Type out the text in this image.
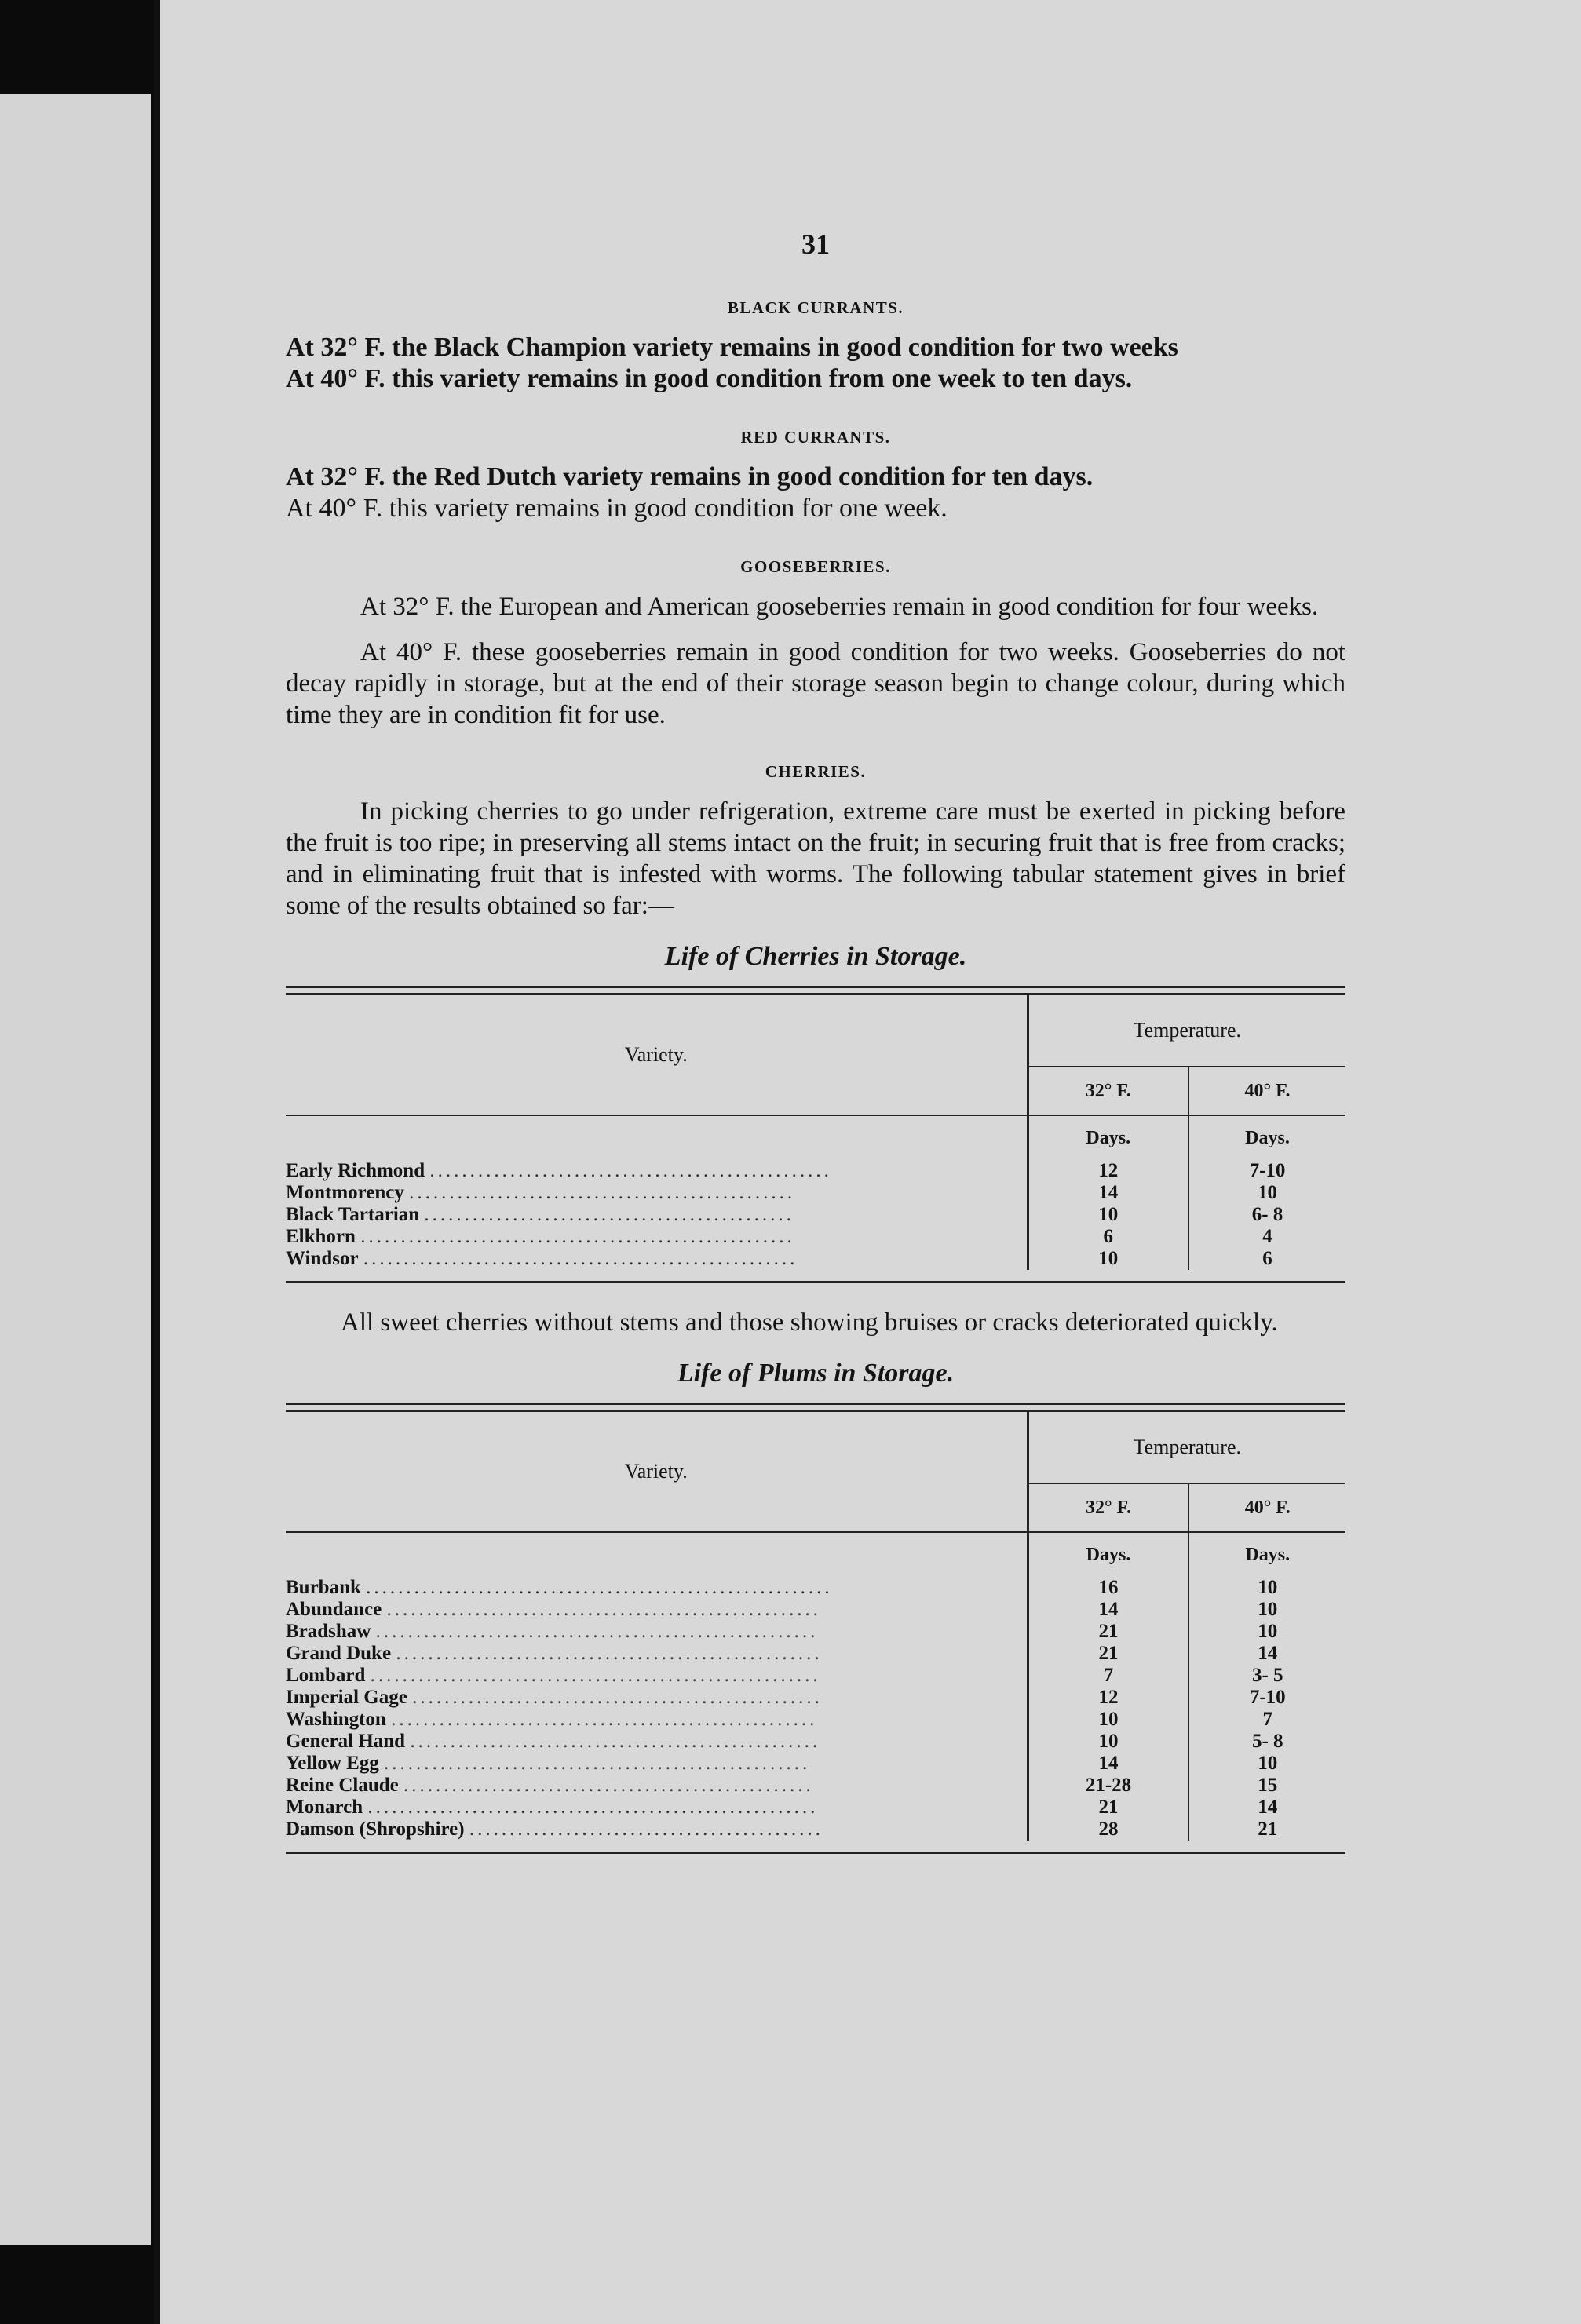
31
BLACK CURRANTS.

At 32° F. the Black Champion variety remains in good condition for two weeks

At 40° F. this variety remains in good condition from one week to ten days.

RED CURRANTS.

At 32° F. the Red Dutch variety remains in good condition for ten days.

At 40° F. this variety remains in good condition for one week.

GOOSEBERRIES.

At 32° F. the European and American gooseberries remain in good condition for four weeks.

At 40° F. these gooseberries remain in good condition for two weeks. Gooseberries do not decay rapidly in storage, but at the end of their storage season begin to change colour, during which time they are in condition fit for use.

CHERRIES.

In picking cherries to go under refrigeration, extreme care must be exerted in picking before the fruit is too ripe; in preserving all stems intact on the fruit; in securing fruit that is free from cracks; and in eliminating fruit that is infested with worms. The following tabular statement gives in brief some of the results obtained so far:—

Life of Cherries in Storage.
Variety.	Temperature.	
	32° F.	40° F.

	Days.	Days.
Early Richmond ..................................................	12	7-10
Montmorency ................................................	14	10
Black Tartarian ..............................................	10	6- 8
Elkhorn ......................................................	6	4
Windsor ......................................................	10	6

All sweet cherries without stems and those showing bruises or cracks deteriorated quickly.

Life of Plums in Storage.
Variety.	Temperature.	
	32° F.	40° F.

	Days.	Days.
Burbank ..........................................................	16	10
Abundance ......................................................	14	10
Bradshaw .......................................................	21	10
Grand Duke .....................................................	21	14
Lombard ........................................................	7	3- 5
Imperial Gage ...................................................	12	7-10
Washington .....................................................	10	7
General Hand ...................................................	10	5- 8
Yellow Egg .....................................................	14	10
Reine Claude ...................................................	21-28	15
Monarch ........................................................	21	14
Damson (Shropshire) ............................................	28	21
